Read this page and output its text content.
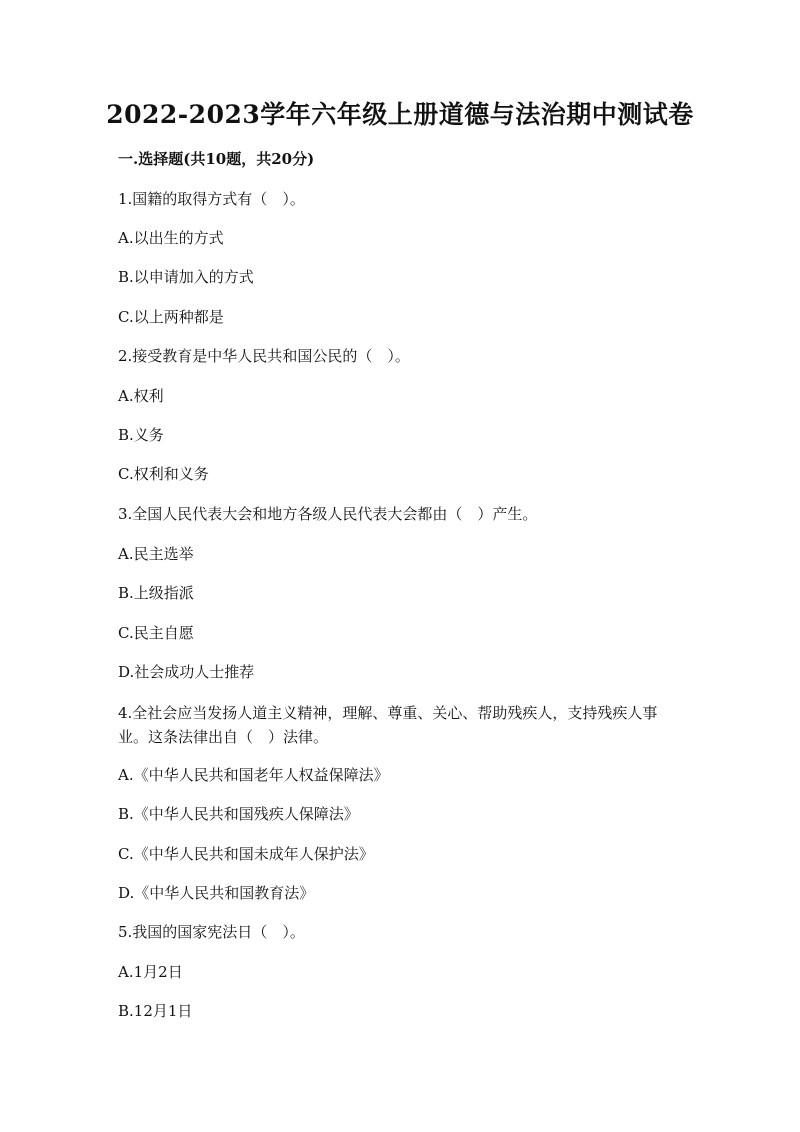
2022-2023学年六年级上册道德与法治期中测试卷
一.选择题(共10题，共20分)
1.国籍的取得方式有（　）。
A.以出生的方式
B.以申请加入的方式
C.以上两种都是
2.接受教育是中华人民共和国公民的（　）。
A.权利
B.义务
C.权利和义务
3.全国人民代表大会和地方各级人民代表大会都由（　）产生。
A.民主选举
B.上级指派
C.民主自愿
D.社会成功人士推荐
4.全社会应当发扬人道主义精神，理解、尊重、关心、帮助残疾人，支持残疾人事业。这条法律出自（　）法律。
A.《中华人民共和国老年人权益保障法》
B.《中华人民共和国残疾人保障法》
C.《中华人民共和国未成年人保护法》
D.《中华人民共和国教育法》
5.我国的国家宪法日（　）。
A.1月2日
B.12月1日
